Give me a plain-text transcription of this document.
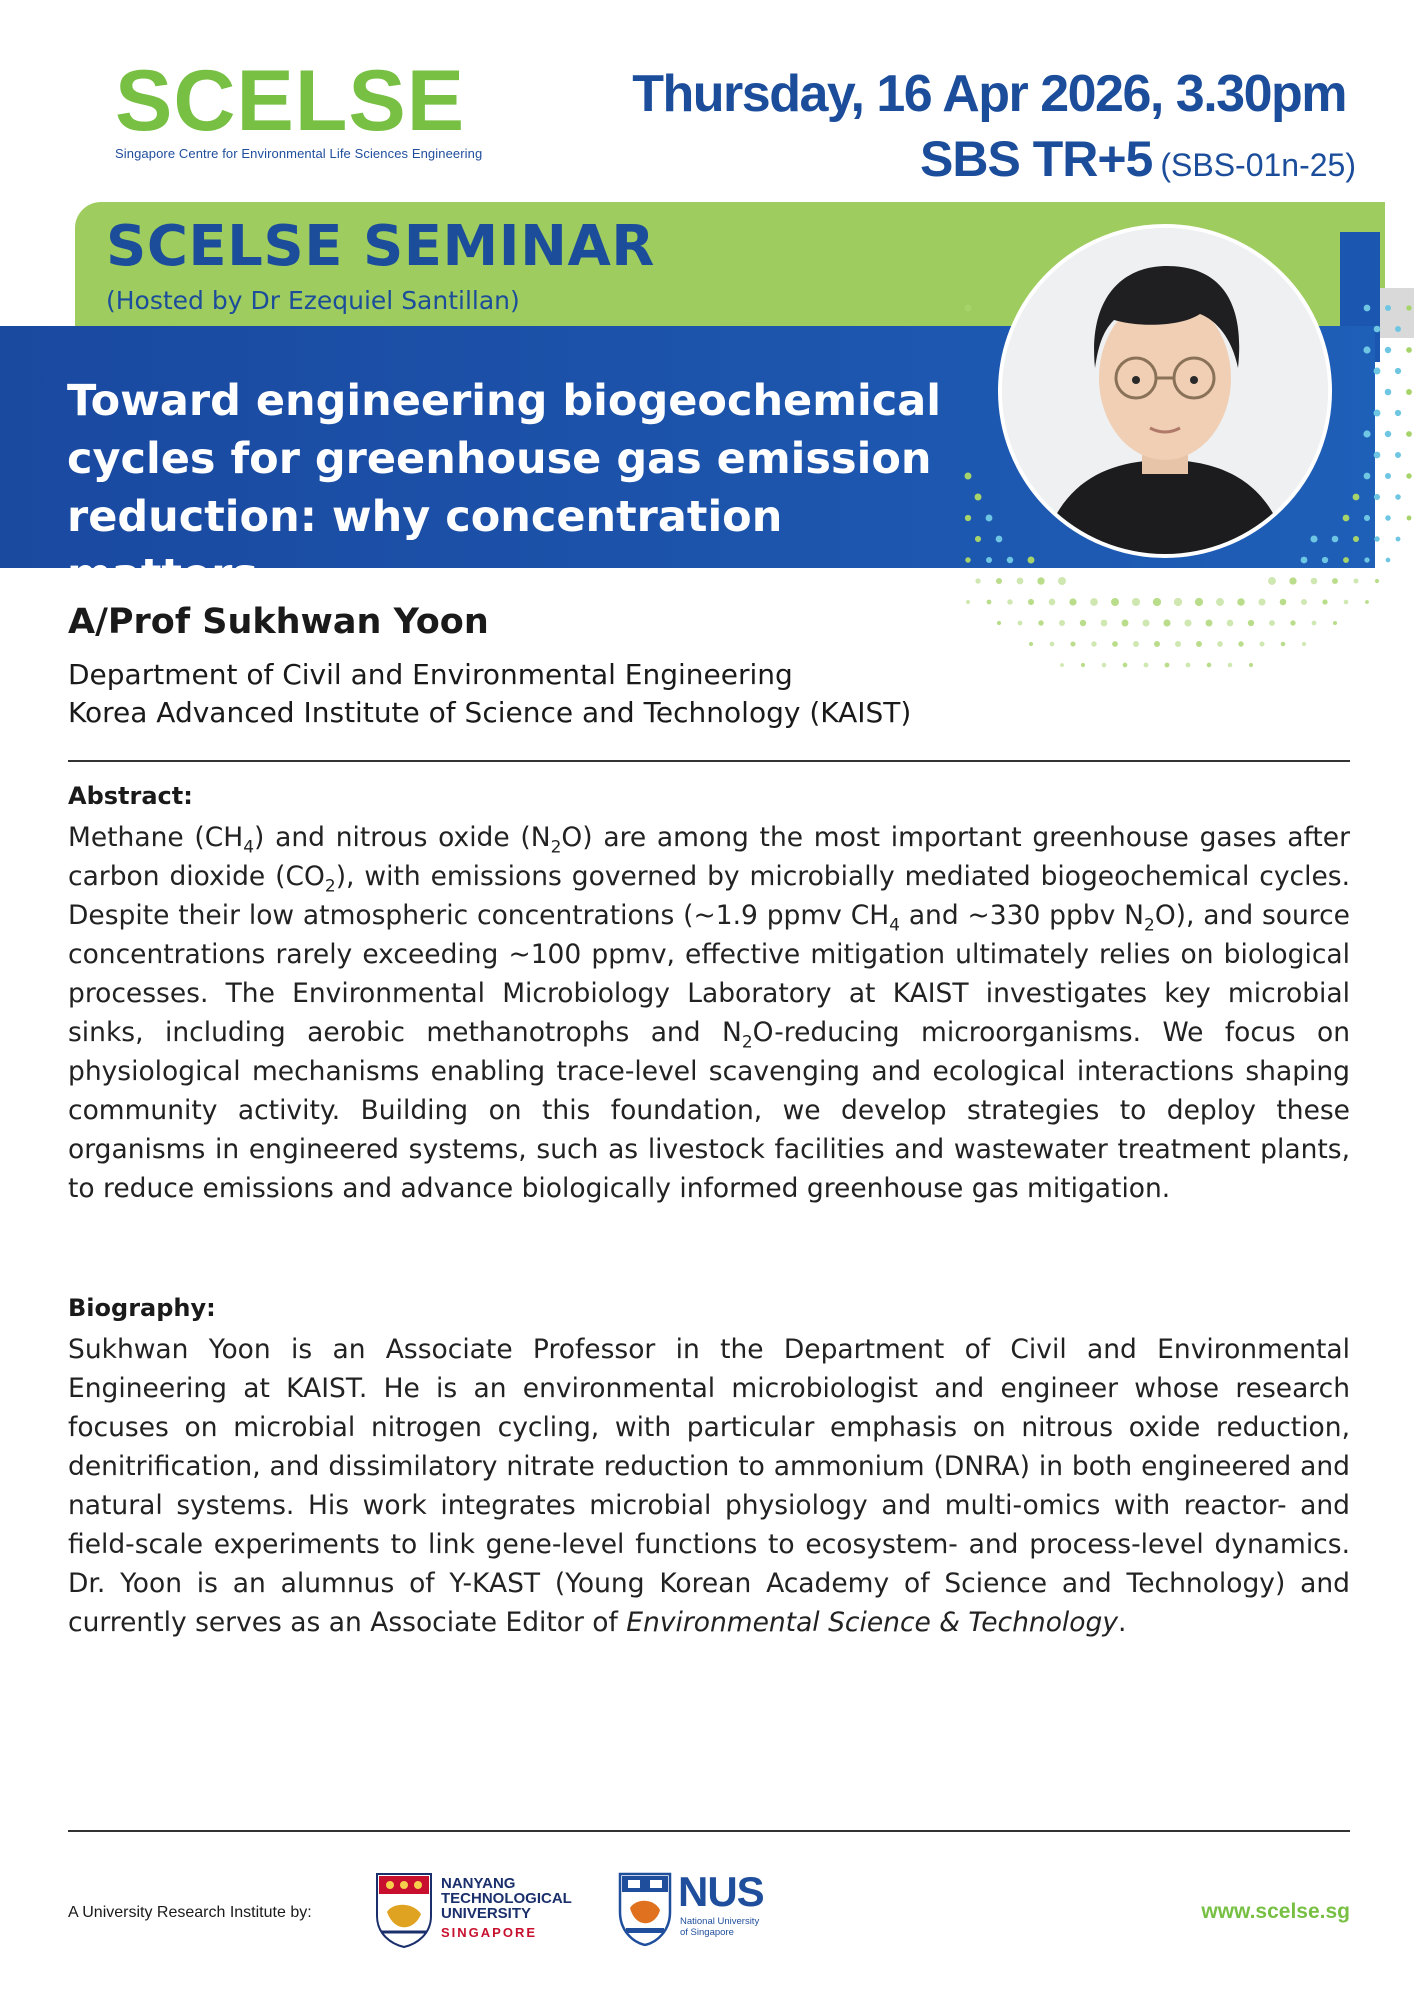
SCELSE
Singapore Centre for Environmental Life Sciences Engineering
Thursday, 16 Apr 2026, 3.30pm
SBS TR+5 (SBS-01n-25)
SCELSE SEMINAR
(Hosted by Dr Ezequiel Santillan)
Toward engineering biogeochemical
cycles for greenhouse gas emission
reduction: why concentration matters
A/Prof Sukhwan Yoon
Department of Civil and Environmental Engineering
Korea Advanced Institute of Science and Technology (KAIST)
Abstract:
Methane $(CH_4)$ and nitrous oxide $(N_2O)$ are among the most important greenhouse gases after carbon dioxide $(CO_2)$, with emissions governed by microbially mediated biogeochemical cycles. Despite their low atmospheric concentrations (~1.9 ppmv $CH_4$ and ~330 ppbv $N_2O$), and source concentrations rarely exceeding ~100 ppmv, effective mitigation ultimately relies on biological processes. The Environmental Microbiology Laboratory at KAIST investigates key microbial sinks, including aerobic methanotrophs and $N_2O$-reducing microorganisms. We focus on physiological mechanisms enabling trace-level scavenging and ecological interactions shaping community activity. Building on this foundation, we develop strategies to deploy these organisms in engineered systems, such as livestock facilities and wastewater treatment plants, to reduce emissions and advance biologically informed greenhouse gas mitigation.
Biography:
Sukhwan Yoon is an Associate Professor in the Department of Civil and Environmental Engineering at KAIST. He is an environmental microbiologist and engineer whose research focuses on microbial nitrogen cycling, with particular emphasis on nitrous oxide reduction, denitrification, and dissimilatory nitrate reduction to ammonium (DNRA) in both engineered and natural systems. His work integrates microbial physiology and multi-omics with reactor- and field-scale experiments to link gene-level functions to ecosystem- and process-level dynamics. Dr. Yoon is an alumnus of Y-KAST (Young Korean Academy of Science and Technology) and currently serves as an Associate Editor of Environmental Science & Technology.
A University Research Institute by:
NANYANG
TECHNOLOGICAL
UNIVERSITY
SINGAPORE
NUS
National University
of Singapore
www.scelse.sg
